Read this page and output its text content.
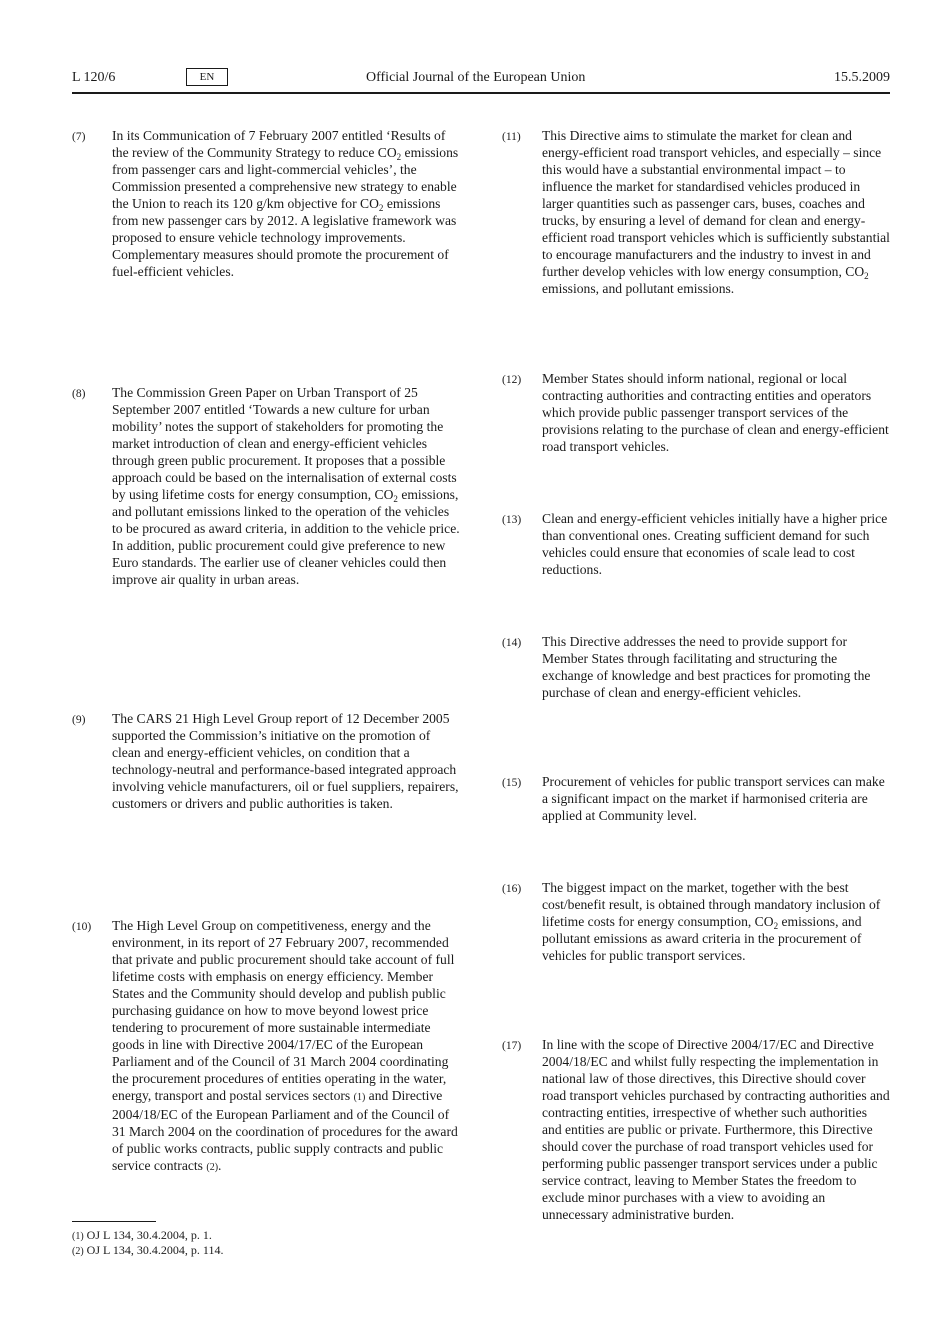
L 120/6	EN	Official Journal of the European Union	15.5.2009
(7) In its Communication of 7 February 2007 entitled ‘Results of the review of the Community Strategy to reduce $CO_2$ emissions from passenger cars and light-commercial vehicles’, the Commission presented a comprehensive new strategy to enable the Union to reach its 120 g/km objective for $CO_2$ emissions from new passenger cars by 2012. A legislative framework was proposed to ensure vehicle technology improvements. Complementary measures should promote the procurement of fuel-efficient vehicles.
(8) The Commission Green Paper on Urban Transport of 25 September 2007 entitled ‘Towards a new culture for urban mobility’ notes the support of stakeholders for promoting the market introduction of clean and energy-efficient vehicles through green public procurement. It proposes that a possible approach could be based on the internalisation of external costs by using lifetime costs for energy consumption, $CO_2$ emissions, and pollutant emissions linked to the operation of the vehicles to be procured as award criteria, in addition to the vehicle price. In addition, public procurement could give preference to new Euro standards. The earlier use of cleaner vehicles could then improve air quality in urban areas.
(9) The CARS 21 High Level Group report of 12 December 2005 supported the Commission’s initiative on the promotion of clean and energy-efficient vehicles, on condition that a technology-neutral and performance-based integrated approach involving vehicle manufacturers, oil or fuel suppliers, repairers, customers or drivers and public authorities is taken.
(10) The High Level Group on competitiveness, energy and the environment, in its report of 27 February 2007, recommended that private and public procurement should take account of full lifetime costs with emphasis on energy efficiency. Member States and the Community should develop and publish public purchasing guidance on how to move beyond lowest price tendering to procurement of more sustainable intermediate goods in line with Directive 2004/17/EC of the European Parliament and of the Council of 31 March 2004 coordinating the procurement procedures of entities operating in the water, energy, transport and postal services sectors (1) and Directive 2004/18/EC of the European Parliament and of the Council of 31 March 2004 on the coordination of procedures for the award of public works contracts, public supply contracts and public service contracts (2).
(11) This Directive aims to stimulate the market for clean and energy-efficient road transport vehicles, and especially – since this would have a substantial environmental impact – to influence the market for standardised vehicles produced in larger quantities such as passenger cars, buses, coaches and trucks, by ensuring a level of demand for clean and energy-efficient road transport vehicles which is sufficiently substantial to encourage manufacturers and the industry to invest in and further develop vehicles with low energy consumption, $CO_2$ emissions, and pollutant emissions.
(12) Member States should inform national, regional or local contracting authorities and contracting entities and operators which provide public passenger transport services of the provisions relating to the purchase of clean and energy-efficient road transport vehicles.
(13) Clean and energy-efficient vehicles initially have a higher price than conventional ones. Creating sufficient demand for such vehicles could ensure that economies of scale lead to cost reductions.
(14) This Directive addresses the need to provide support for Member States through facilitating and structuring the exchange of knowledge and best practices for promoting the purchase of clean and energy-efficient vehicles.
(15) Procurement of vehicles for public transport services can make a significant impact on the market if harmonised criteria are applied at Community level.
(16) The biggest impact on the market, together with the best cost/benefit result, is obtained through mandatory inclusion of lifetime costs for energy consumption, $CO_2$ emissions, and pollutant emissions as award criteria in the procurement of vehicles for public transport services.
(17) In line with the scope of Directive 2004/17/EC and Directive 2004/18/EC and whilst fully respecting the implementation in national law of those directives, this Directive should cover road transport vehicles purchased by contracting authorities and contracting entities, irrespective of whether such authorities and entities are public or private. Furthermore, this Directive should cover the purchase of road transport vehicles used for performing public passenger transport services under a public service contract, leaving to Member States the freedom to exclude minor purchases with a view to avoiding an unnecessary administrative burden.
(1) OJ L 134, 30.4.2004, p. 1.
(2) OJ L 134, 30.4.2004, p. 114.
